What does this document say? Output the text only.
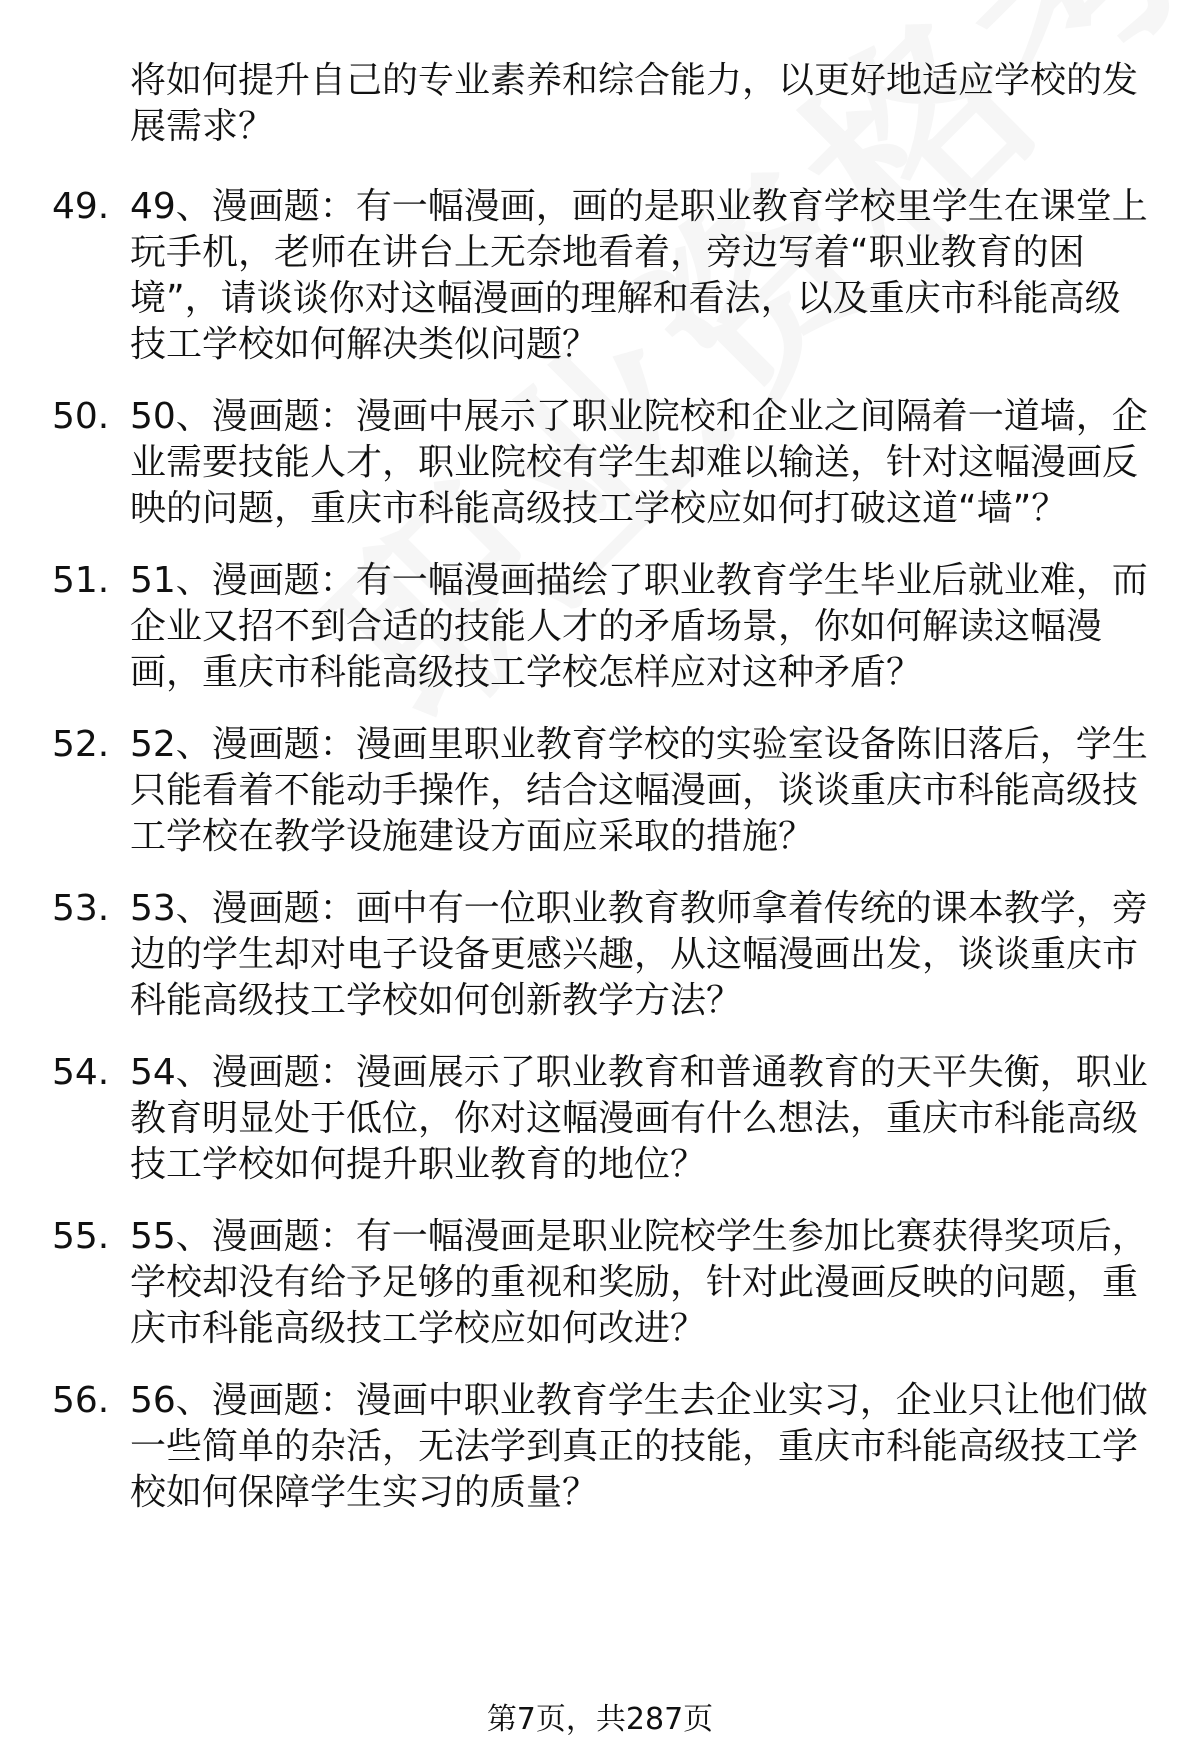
将如何提升自己的专业素养和综合能力，以更好地适应学校的发展需求？
49. 49、漫画题：有一幅漫画，画的是职业教育学校里学生在课堂上玩手机，老师在讲台上无奈地看着，旁边写着“职业教育的困境”，请谈谈你对这幅漫画的理解和看法，以及重庆市科能高级技工学校如何解决类似问题？
50. 50、漫画题：漫画中展示了职业院校和企业之间隔着一道墙，企业需要技能人才，职业院校有学生却难以输送，针对这幅漫画反映的问题，重庆市科能高级技工学校应如何打破这道“墙”？
51. 51、漫画题：有一幅漫画描绘了职业教育学生毕业后就业难，而企业又招不到合适的技能人才的矛盾场景，你如何解读这幅漫画，重庆市科能高级技工学校怎样应对这种矛盾？
52. 52、漫画题：漫画里职业教育学校的实验室设备陈旧落后，学生只能看着不能动手操作，结合这幅漫画，谈谈重庆市科能高级技工学校在教学设施建设方面应采取的措施？
53. 53、漫画题：画中有一位职业教育教师拿着传统的课本教学，旁边的学生却对电子设备更感兴趣，从这幅漫画出发，谈谈重庆市科能高级技工学校如何创新教学方法？
54. 54、漫画题：漫画展示了职业教育和普通教育的天平失衡，职业教育明显处于低位，你对这幅漫画有什么想法，重庆市科能高级技工学校如何提升职业教育的地位？
55. 55、漫画题：有一幅漫画是职业院校学生参加比赛获得奖项后，学校却没有给予足够的重视和奖励，针对此漫画反映的问题，重庆市科能高级技工学校应如何改进？
56. 56、漫画题：漫画中职业教育学生去企业实习，企业只让他们做一些简单的杂活，无法学到真正的技能，重庆市科能高级技工学校如何保障学生实习的质量？
第7页，共287页
